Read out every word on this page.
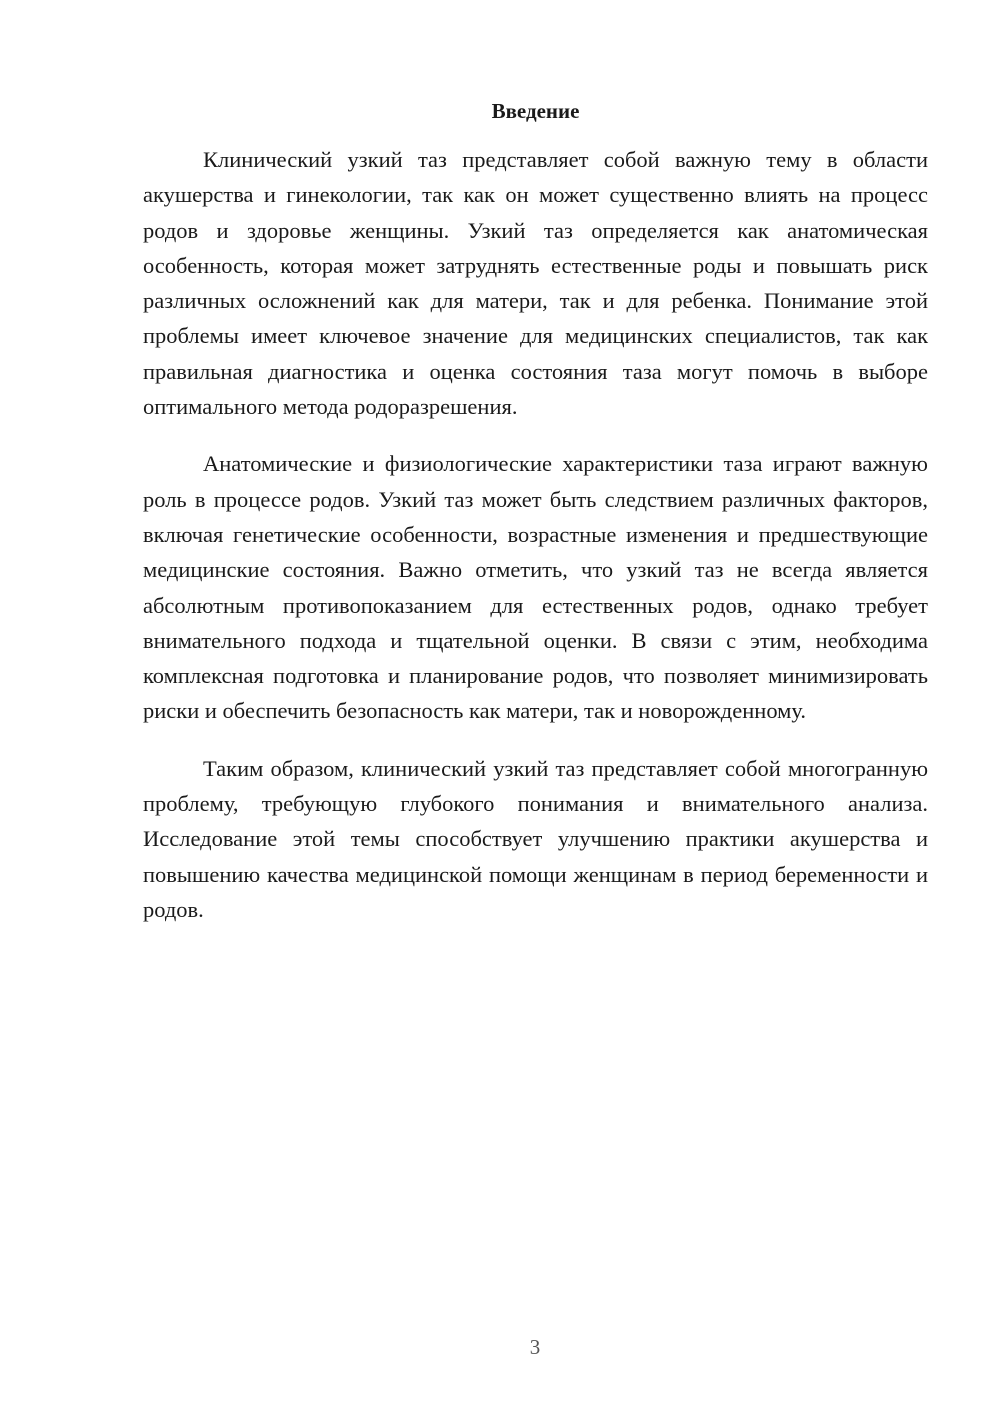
Введение

Клинический узкий таз представляет собой важную тему в области акушерства и гинекологии, так как он может существенно влиять на процесс родов и здоровье женщины. Узкий таз определяется как анатомическая особенность, которая может затруднять естественные роды и повышать риск различных осложнений как для матери, так и для ребенка. Понимание этой проблемы имеет ключевое значение для медицинских специалистов, так как правильная диагностика и оценка состояния таза могут помочь в выборе оптимального метода родоразрешения.

Анатомические и физиологические характеристики таза играют важную роль в процессе родов. Узкий таз может быть следствием различных факторов, включая генетические особенности, возрастные изменения и предшествующие медицинские состояния. Важно отметить, что узкий таз не всегда является абсолютным противопоказанием для естественных родов, однако требует внимательного подхода и тщательной оценки. В связи с этим, необходима комплексная подготовка и планирование родов, что позволяет минимизировать риски и обеспечить безопасность как матери, так и новорожденному.

Таким образом, клинический узкий таз представляет собой многогранную проблему, требующую глубокого понимания и внимательного анализа. Исследование этой темы способствует улучшению практики акушерства и повышению качества медицинской помощи женщинам в период беременности и родов.

3
